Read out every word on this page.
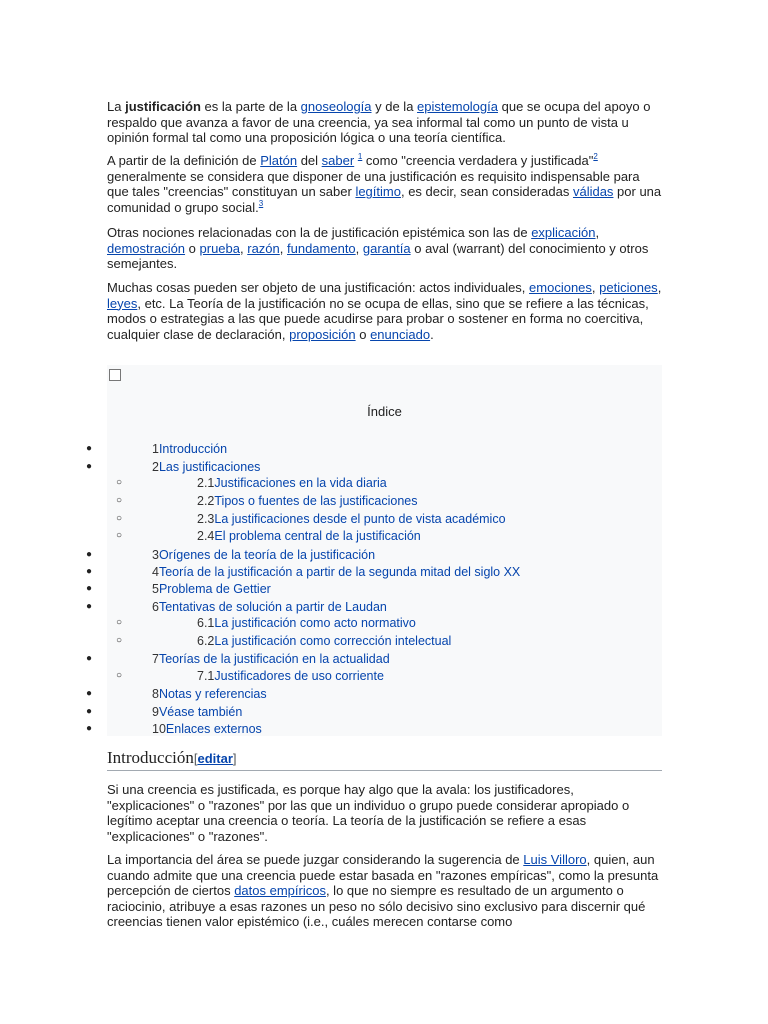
La justificación es la parte de la gnoseología y de la epistemología que se ocupa del apoyo o respaldo que avanza a favor de una creencia, ya sea informal tal como un punto de vista u opinión formal tal como una proposición lógica o una teoría científica.

A partir de la definición de Platón del saber $^1$ como "creencia verdadera y justificada"$^2$ generalmente se considera que disponer de una justificación es requisito indispensable para que tales "creencias" constituyan un saber legítimo, es decir, sean consideradas válidas por una comunidad o grupo social.$^3$

Otras nociones relacionadas con la de justificación epistémica son las de explicación, demostración o prueba, razón, fundamento, garantía o aval (warrant) del conocimiento y otros semejantes.

Muchas cosas pueden ser objeto de una justificación: actos individuales, emociones, peticiones, leyes, etc. La Teoría de la justificación no se ocupa de ellas, sino que se refiere a las técnicas, modos o estrategias a las que puede acudirse para probar o sostener en forma no coercitiva, cualquier clase de declaración, proposición o enunciado.

Índice
●	1Introducción
●	2Las justificaciones
○	2.1Justificaciones en la vida diaria
○	2.2Tipos o fuentes de las justificaciones
○	2.3La justificaciones desde el punto de vista académico
○	2.4El problema central de la justificación
●	3Orígenes de la teoría de la justificación
●	4Teoría de la justificación a partir de la segunda mitad del siglo XX
●	5Problema de Gettier
●	6Tentativas de solución a partir de Laudan
○	6.1La justificación como acto normativo
○	6.2La justificación como corrección intelectual
●	7Teorías de la justificación en la actualidad
○	7.1Justificadores de uso corriente
●	8Notas y referencias
●	9Véase también
●	10Enlaces externos
Introducción[editar]

Si una creencia es justificada, es porque hay algo que la avala: los justificadores, "explicaciones" o "razones" por las que un individuo o grupo puede considerar apropiado o legítimo aceptar una creencia o teoría. La teoría de la justificación se refiere a esas "explicaciones" o "razones".

La importancia del área se puede juzgar considerando la sugerencia de Luis Villoro, quien, aun cuando admite que una creencia puede estar basada en "razones empíricas", como la presunta percepción de ciertos datos empíricos, lo que no siempre es resultado de un argumento o raciocinio, atribuye a esas razones un peso no sólo decisivo sino exclusivo para discernir qué creencias tienen valor epistémico (i.e., cuáles merecen contarse como
